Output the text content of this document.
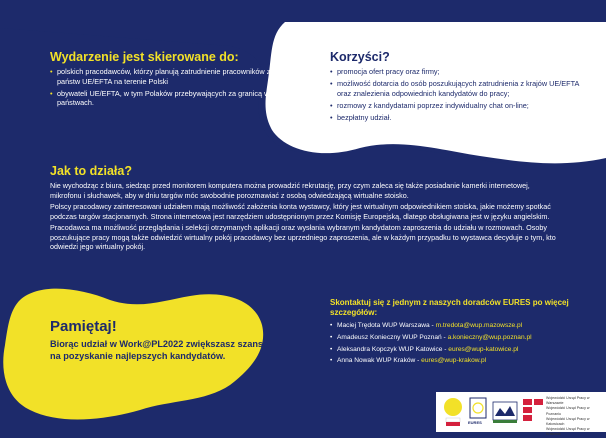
Wydarzenie jest skierowane do:
• polskich pracodawców, którzy planują zatrudnienie pracowników z państw UE/EFTA na terenie Polski
• obywateli UE/EFTA, w tym Polaków przebywających za granicą w tych państwach.
Korzyści?
• promocja ofert pracy oraz firmy;
• możliwość dotarcia do osób poszukujących zatrudnienia z krajów UE/EFTA oraz znalezienia odpowiednich kandydatów do pracy;
• rozmowy z kandydatami poprzez indywidualny chat on-line;
• bezpłatny udział.
Jak to działa?

Nie wychodząc z biura, siedząc przed monitorem komputera można prowadzić rekrutację, przy czym zaleca się także posiadanie kamerki internetowej, mikrofonu i słuchawek, aby w dniu targów móc swobodnie porozmawiać z osobą odwiedzającą wirtualne stoisko.

Polscy pracodawcy zainteresowani udziałem mają możliwość założenia konta wystawcy, który jest wirtualnym odpowiednikiem stoiska, jakie możemy spotkać podczas targów stacjonarnych. Strona internetowa jest narzędziem udostępnionym przez Komisję Europejską, dlatego obsługiwana jest w języku angielskim.

Pracodawca ma możliwość przeglądania i selekcji otrzymanych aplikacji oraz wysłania wybranym kandydatom zaproszenia do udziału w rozmowach. Osoby poszukujące pracy mogą także odwiedzić wirtualny pokój pracodawcy bez uprzedniego zaproszenia, ale w każdym przypadku to wystawca decyduje o tym, kto odwiedzi jego wirtualny pokój.

Pamiętaj!
Biorąc udział w Work@PL2022 zwiększasz szanse na pozyskanie najlepszych kandydatów.
Skontaktuj się z jednym z naszych doradców EURES po więcej szczegółów:
• Maciej Trędota WUP Warszawa - m.tredota@wup.mazowsze.pl
• Amadeusz Konieczny WUP Poznań - a.konieczny@wup.poznan.pl
• Aleksandra Kopczyk WUP Katowice - eures@wup-katowice.pl
• Anna Nowak WUP Kraków - eures@wup-krakow.pl
EURES
Wojewódzki Urząd Pracy w Warszawie
Wojewódzki Urząd Pracy w Poznaniu
Wojewódzki Urząd Pracy w Katowicach
Wojewódzki Urząd Pracy w Krakowie
